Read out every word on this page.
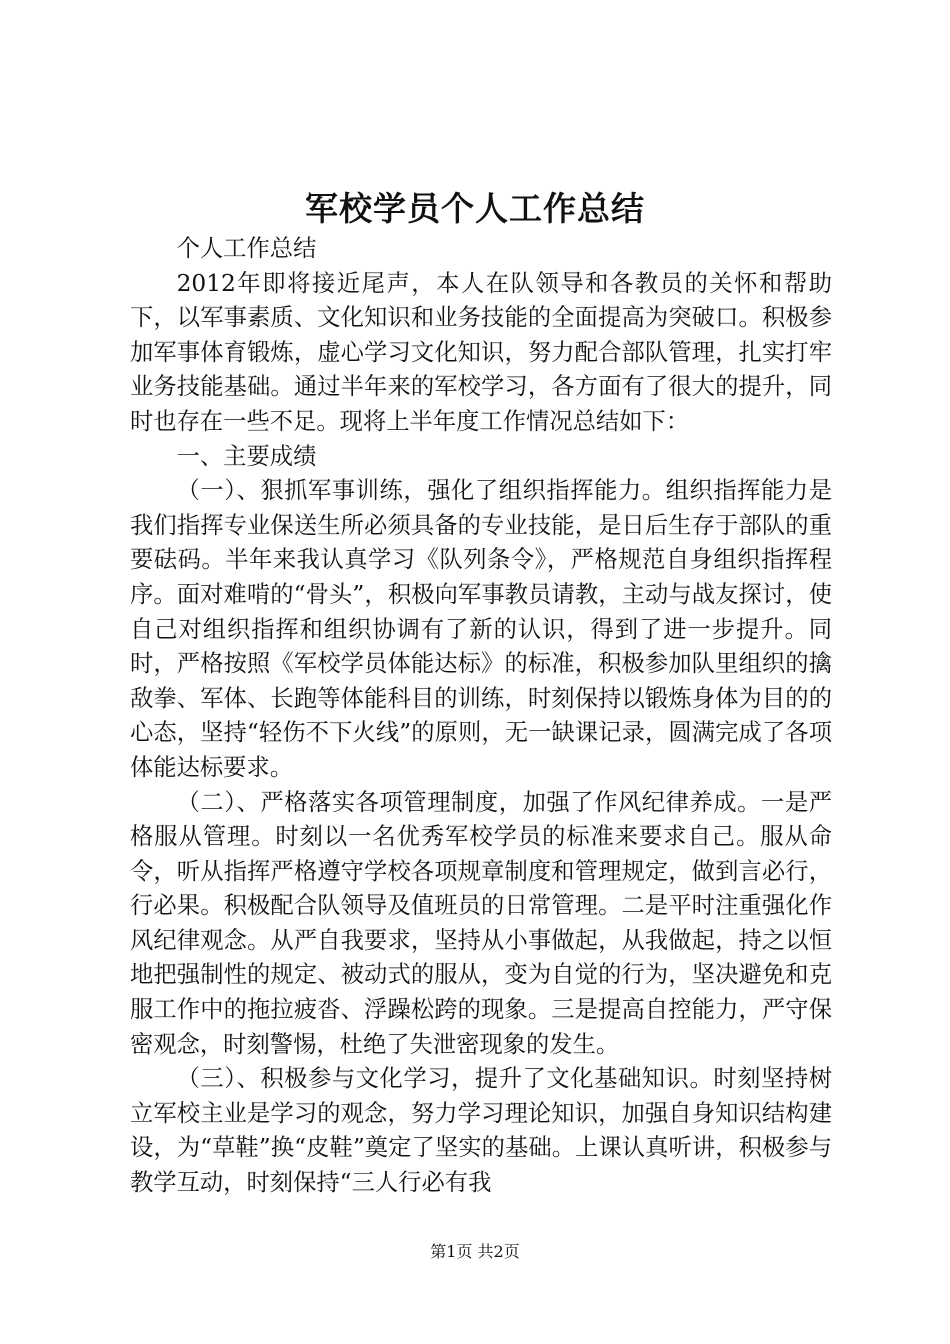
军校学员个人工作总结

个人工作总结

2012年即将接近尾声，本人在队领导和各教员的关怀和帮助下，以军事素质、文化知识和业务技能的全面提高为突破口。积极参加军事体育锻炼，虚心学习文化知识，努力配合部队管理，扎实打牢业务技能基础。通过半年来的军校学习，各方面有了很大的提升，同时也存在一些不足。现将上半年度工作情况总结如下：

一、主要成绩

（一）、狠抓军事训练，强化了组织指挥能力。组织指挥能力是我们指挥专业保送生所必须具备的专业技能，是日后生存于部队的重要砝码。半年来我认真学习《队列条令》，严格规范自身组织指挥程序。面对难啃的“骨头”，积极向军事教员请教，主动与战友探讨，使自己对组织指挥和组织协调有了新的认识，得到了进一步提升。同时，严格按照《军校学员体能达标》的标准，积极参加队里组织的擒敌拳、军体、长跑等体能科目的训练，时刻保持以锻炼身体为目的的心态，坚持“轻伤不下火线”的原则，无一缺课记录，圆满完成了各项体能达标要求。

（二）、严格落实各项管理制度，加强了作风纪律养成。一是严格服从管理。时刻以一名优秀军校学员的标准来要求自己。服从命令，听从指挥严格遵守学校各项规章制度和管理规定，做到言必行，行必果。积极配合队领导及值班员的日常管理。二是平时注重强化作风纪律观念。从严自我要求，坚持从小事做起，从我做起，持之以恒地把强制性的规定、被动式的服从，变为自觉的行为，坚决避免和克服工作中的拖拉疲沓、浮躁松跨的现象。三是提高自控能力，严守保密观念，时刻警惕，杜绝了失泄密现象的发生。

（三）、积极参与文化学习，提升了文化基础知识。时刻坚持树立军校主业是学习的观念，努力学习理论知识，加强自身知识结构建设，为“草鞋”换“皮鞋”奠定了坚实的基础。上课认真听讲，积极参与教学互动，时刻保持“三人行必有我

第1页 共2页
